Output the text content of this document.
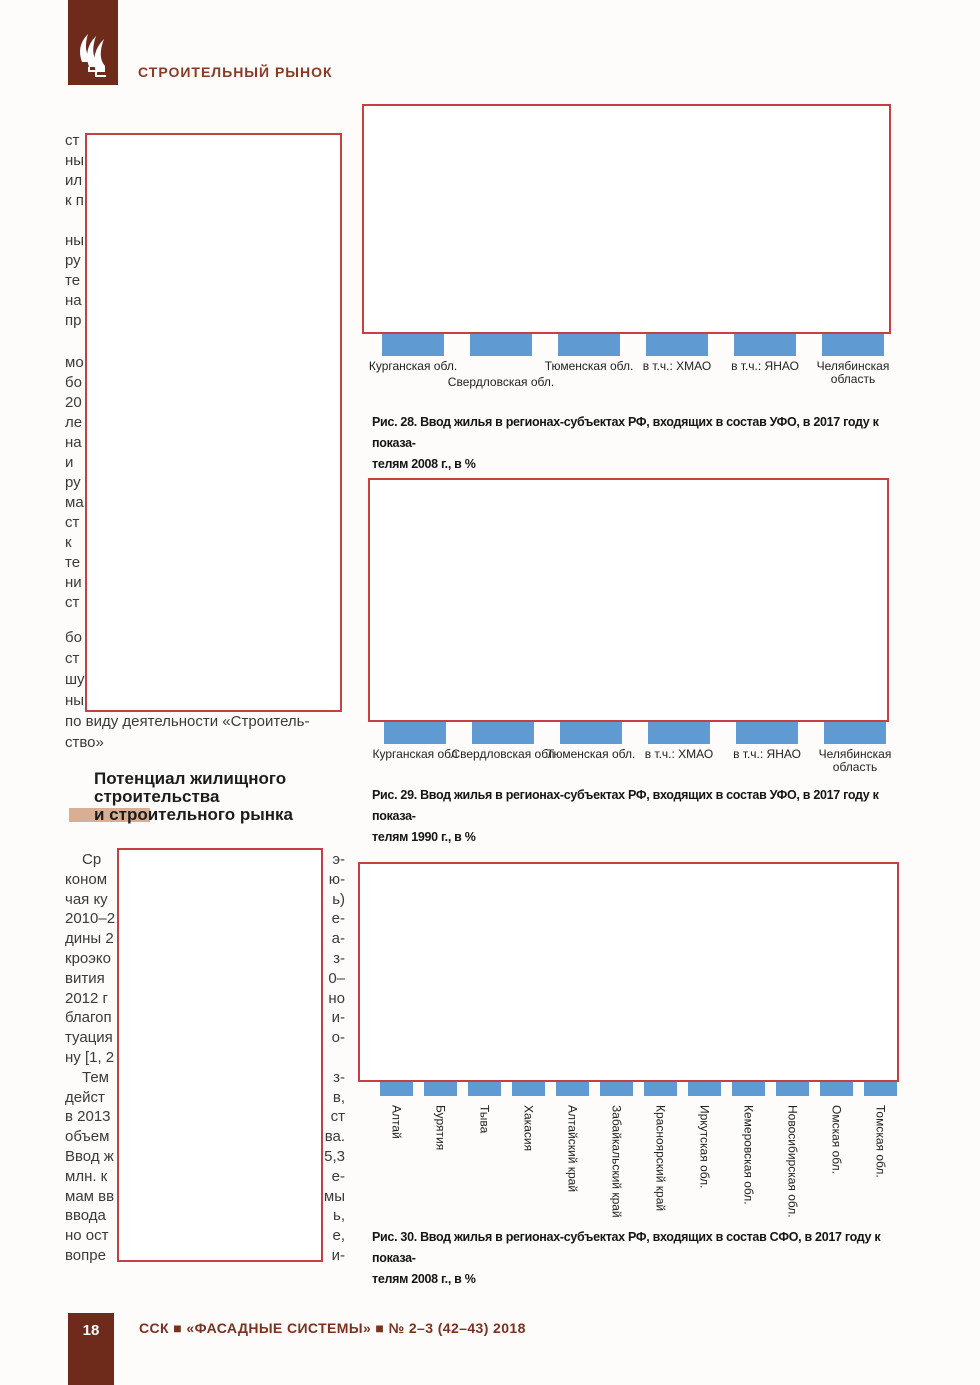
СТРОИТЕЛЬНЫЙ РЫНОК
ст
ны
ил
к п
ны
ру
те
на
пр
мо
бо
20
ле
на
и
ру
ма
ст
к
те
ни
ст
бо
ст
шу
ны
по виду деятельности «Строитель-
ство»
Потенциал жилищного
строительства
и строительного рынка
Ср	э-
коном	ю-
чая ку	ь)
2010–2	е-
дины 2	а-
кроэко	з-
вития	0–
2012 г	но
благоп	и-
туация	о-
ну [1, 2
Тем	з-
дейст	в,
в 2013	ст
объем	ва.
Ввод ж	5,3
млн. к	е-
мам вв	мы
ввода	ь,
но ост	е,
вопре	и-
Курганская обл.
Свердловская обл.
Тюменская обл. в т.ч.: ХМАО в т.ч.: ЯНАО	Челябинская область
Рис. 28. Ввод жилья в регионах-субъектах РФ, входящих в состав УФО, в 2017 году к показа-
телям 2008 г., в %
Курганская обл
Свердловская обл
Тюменская обл. в т.ч.: ХМАО в т.ч.: ЯНАО	Челябинская область
Рис. 29. Ввод жилья в регионах-субъектах РФ, входящих в состав УФО, в 2017 году к показа-
телям 1990 г., в %
Алтай	Бурятия	Тыва	Хакасия	Алтайский край	Забайкальский край	Красноярский край	Иркутская обл.	Кемеровская обл.	Новосибирская обл.	Омская обл.	Томская обл.
Рис. 30. Ввод жилья в регионах-субъектах РФ, входящих в состав СФО, в 2017 году к показа-
телям 2008 г., в %
18	ССК ■ «ФАСАДНЫЕ СИСТЕМЫ» ■ № 2–3 (42–43) 2018
